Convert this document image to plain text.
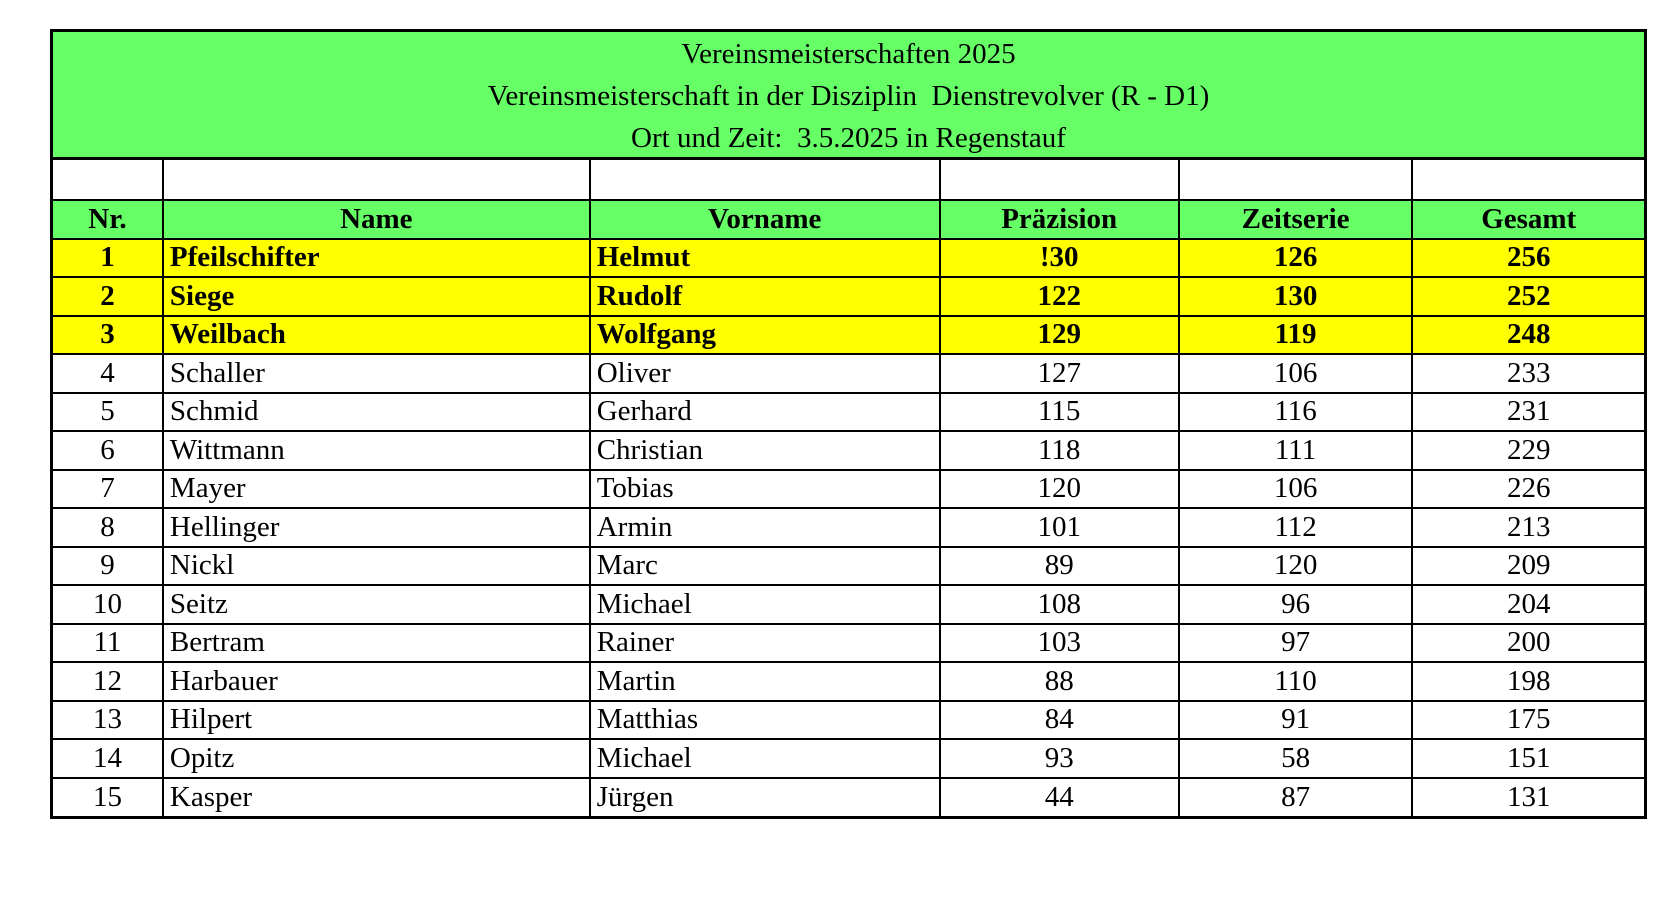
Vereinsmeisterschaften 2025
Vereinsmeisterschaft in der Disziplin  Dienstrevolver (R - D1)
Ort und Zeit:  3.5.2025 in Regenstauf

Nr.	Name	Vorname	Präzision	Zeitserie	Gesamt
1	Pfeilschifter	Helmut	!30	126	256
2	Siege	Rudolf	122	130	252
3	Weilbach	Wolfgang	129	119	248
4	Schaller	Oliver	127	106	233
5	Schmid	Gerhard	115	116	231
6	Wittmann	Christian	118	111	229
7	Mayer	Tobias	120	106	226
8	Hellinger	Armin	101	112	213
9	Nickl	Marc	89	120	209
10	Seitz	Michael	108	96	204
11	Bertram	Rainer	103	97	200
12	Harbauer	Martin	88	110	198
13	Hilpert	Matthias	84	91	175
14	Opitz	Michael	93	58	151
15	Kasper	Jürgen	44	87	131
